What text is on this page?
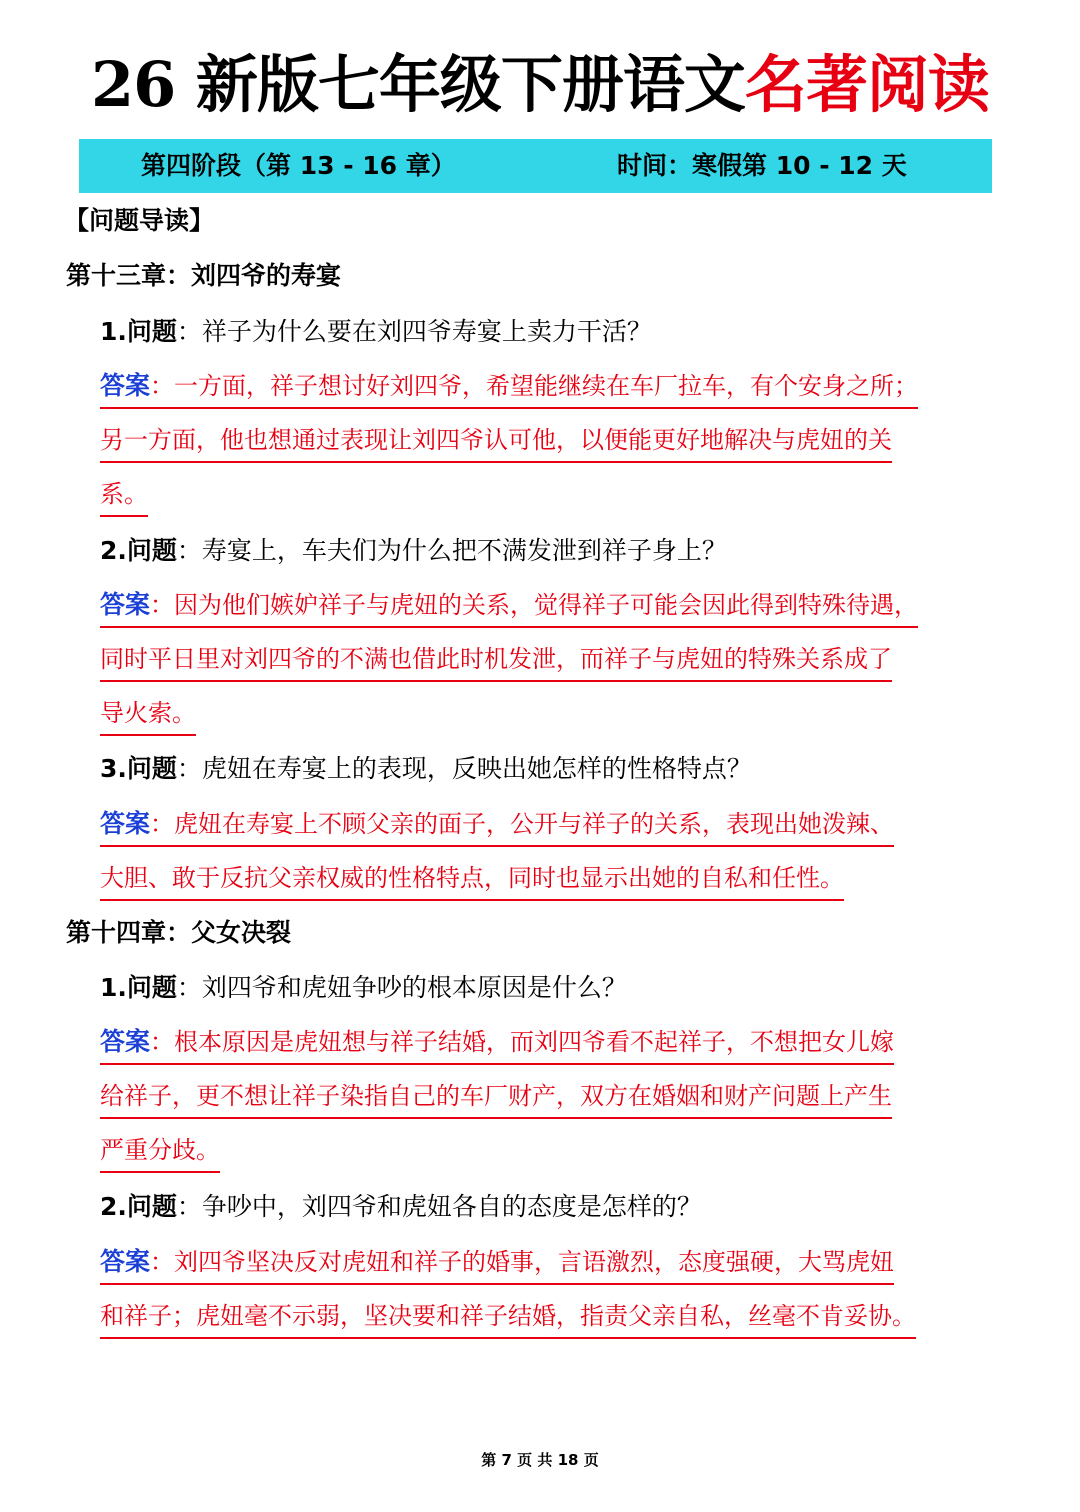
26 新版七年级下册语文名著阅读
第四阶段（第 13 - 16 章）	时间：寒假第 10 - 12 天
【问题导读】
第十三章：刘四爷的寿宴
1.问题：祥子为什么要在刘四爷寿宴上卖力干活？
答案：一方面，祥子想讨好刘四爷，希望能继续在车厂拉车，有个安身之所；
另一方面，他也想通过表现让刘四爷认可他，以便能更好地解决与虎妞的关
系。
2.问题：寿宴上，车夫们为什么把不满发泄到祥子身上？
答案：因为他们嫉妒祥子与虎妞的关系，觉得祥子可能会因此得到特殊待遇，
同时平日里对刘四爷的不满也借此时机发泄，而祥子与虎妞的特殊关系成了
导火索。
3.问题：虎妞在寿宴上的表现，反映出她怎样的性格特点？
答案：虎妞在寿宴上不顾父亲的面子，公开与祥子的关系，表现出她泼辣、
大胆、敢于反抗父亲权威的性格特点，同时也显示出她的自私和任性。
第十四章：父女决裂
1.问题：刘四爷和虎妞争吵的根本原因是什么？
答案：根本原因是虎妞想与祥子结婚，而刘四爷看不起祥子，不想把女儿嫁
给祥子，更不想让祥子染指自己的车厂财产，双方在婚姻和财产问题上产生
严重分歧。
2.问题：争吵中，刘四爷和虎妞各自的态度是怎样的？
答案：刘四爷坚决反对虎妞和祥子的婚事，言语激烈，态度强硬，大骂虎妞
和祥子；虎妞毫不示弱，坚决要和祥子结婚，指责父亲自私，丝毫不肯妥协。
第 7 页 共 18 页
